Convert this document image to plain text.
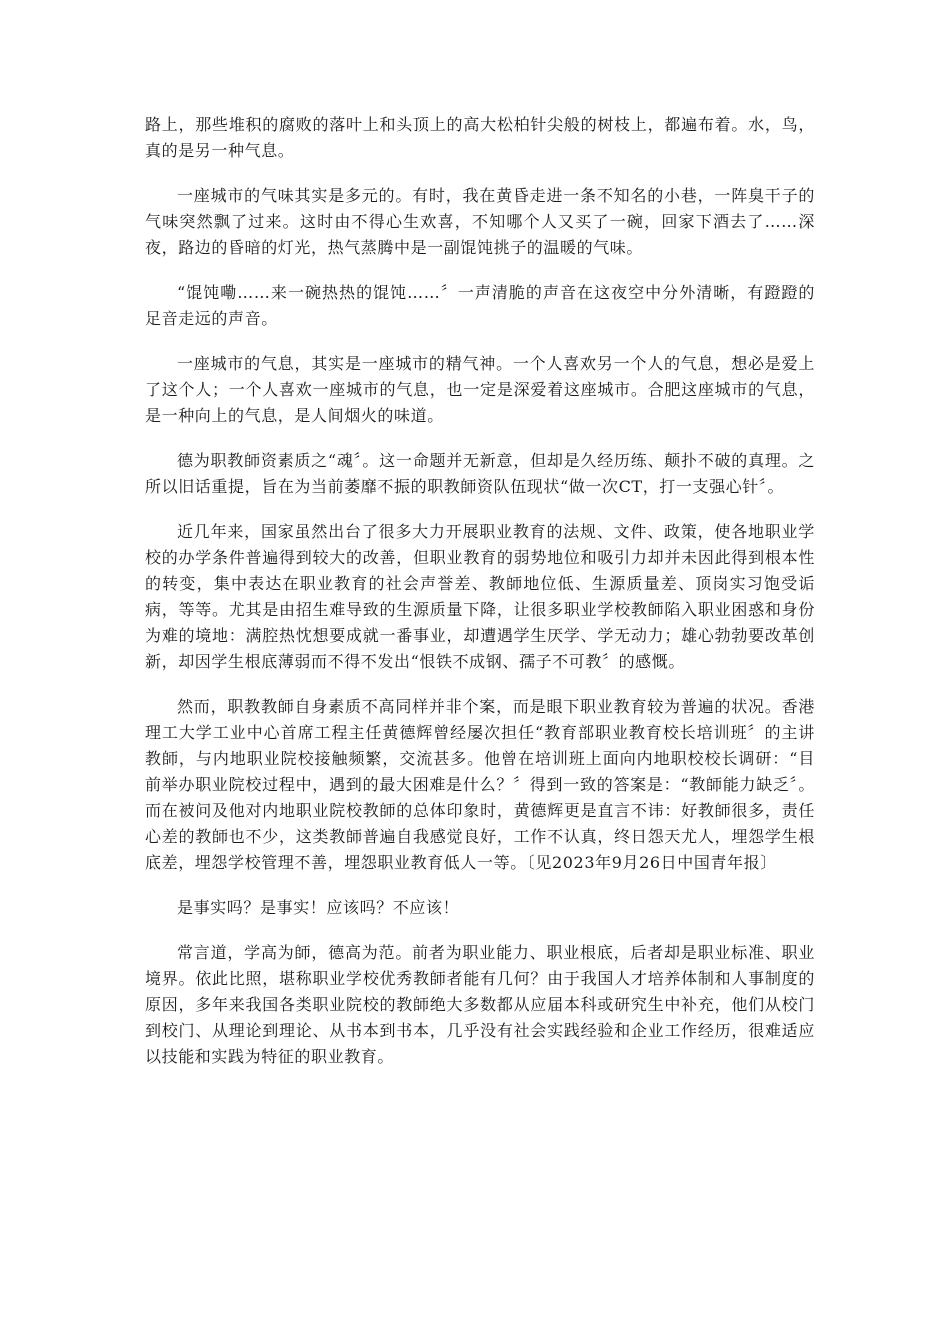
路上，那些堆积的腐败的落叶上和头顶上的高大松柏针尖般的树枝上，都遍布着。水，鸟，真的是另一种气息。

一座城市的气味其实是多元的。有时，我在黄昏走进一条不知名的小巷，一阵臭干子的气味突然飘了过来。这时由不得心生欢喜，不知哪个人又买了一碗，回家下酒去了……深夜，路边的昏暗的灯光，热气蒸腾中是一副馄饨挑子的温暖的气味。

“馄饨嘞……来一碗热热的馄饨……〞一声清脆的声音在这夜空中分外清晰，有蹬蹬的足音走远的声音。

一座城市的气息，其实是一座城市的精气神。一个人喜欢另一个人的气息，想必是爱上了这个人；一个人喜欢一座城市的气息，也一定是深爱着这座城市。合肥这座城市的气息，是一种向上的气息，是人间烟火的味道。

德为职教師资素质之“魂〞。这一命题并无新意，但却是久经历练、颠扑不破的真理。之所以旧话重提，旨在为当前萎靡不振的职教師资队伍现状“做一次CT，打一支强心针〞。

近几年来，国家虽然出台了很多大力开展职业教育的法规、文件、政策，使各地职业学校的办学条件普遍得到较大的改善，但职业教育的弱势地位和吸引力却并未因此得到根本性的转变，集中表达在职业教育的社会声誉差、教師地位低、生源质量差、顶岗实习饱受诟病，等等。尤其是由招生难导致的生源质量下降，让很多职业学校教師陷入职业困惑和身份为难的境地：满腔热忱想要成就一番事业，却遭遇学生厌学、学无动力；雄心勃勃要改革创新，却因学生根底薄弱而不得不发出“恨铁不成钢、孺子不可教〞的感慨。

然而，职教教師自身素质不高同样并非个案，而是眼下职业教育较为普遍的状况。香港理工大学工业中心首席工程主任黄德辉曾经屡次担任“教育部职业教育校长培训班〞的主讲教師，与内地职业院校接触频繁，交流甚多。他曾在培训班上面向内地职校校长调研：“目前举办职业院校过程中，遇到的最大困难是什么？〞得到一致的答案是：“教師能力缺乏〞。而在被问及他对内地职业院校教師的总体印象时，黄德辉更是直言不讳：好教師很多，责任心差的教師也不少，这类教師普遍自我感觉良好，工作不认真，终日怨天尤人，埋怨学生根底差，埋怨学校管理不善，埋怨职业教育低人一等。〔见2023年9月26日中国青年报〕

是事实吗？是事实！应该吗？不应该！

常言道，学高为師，德高为范。前者为职业能力、职业根底，后者却是职业标准、职业境界。依此比照，堪称职业学校优秀教師者能有几何？由于我国人才培养体制和人事制度的原因，多年来我国各类职业院校的教師绝大多数都从应届本科或研究生中补充，他们从校门到校门、从理论到理论、从书本到书本，几乎没有社会实践经验和企业工作经历，很难适应以技能和实践为特征的职业教育。
